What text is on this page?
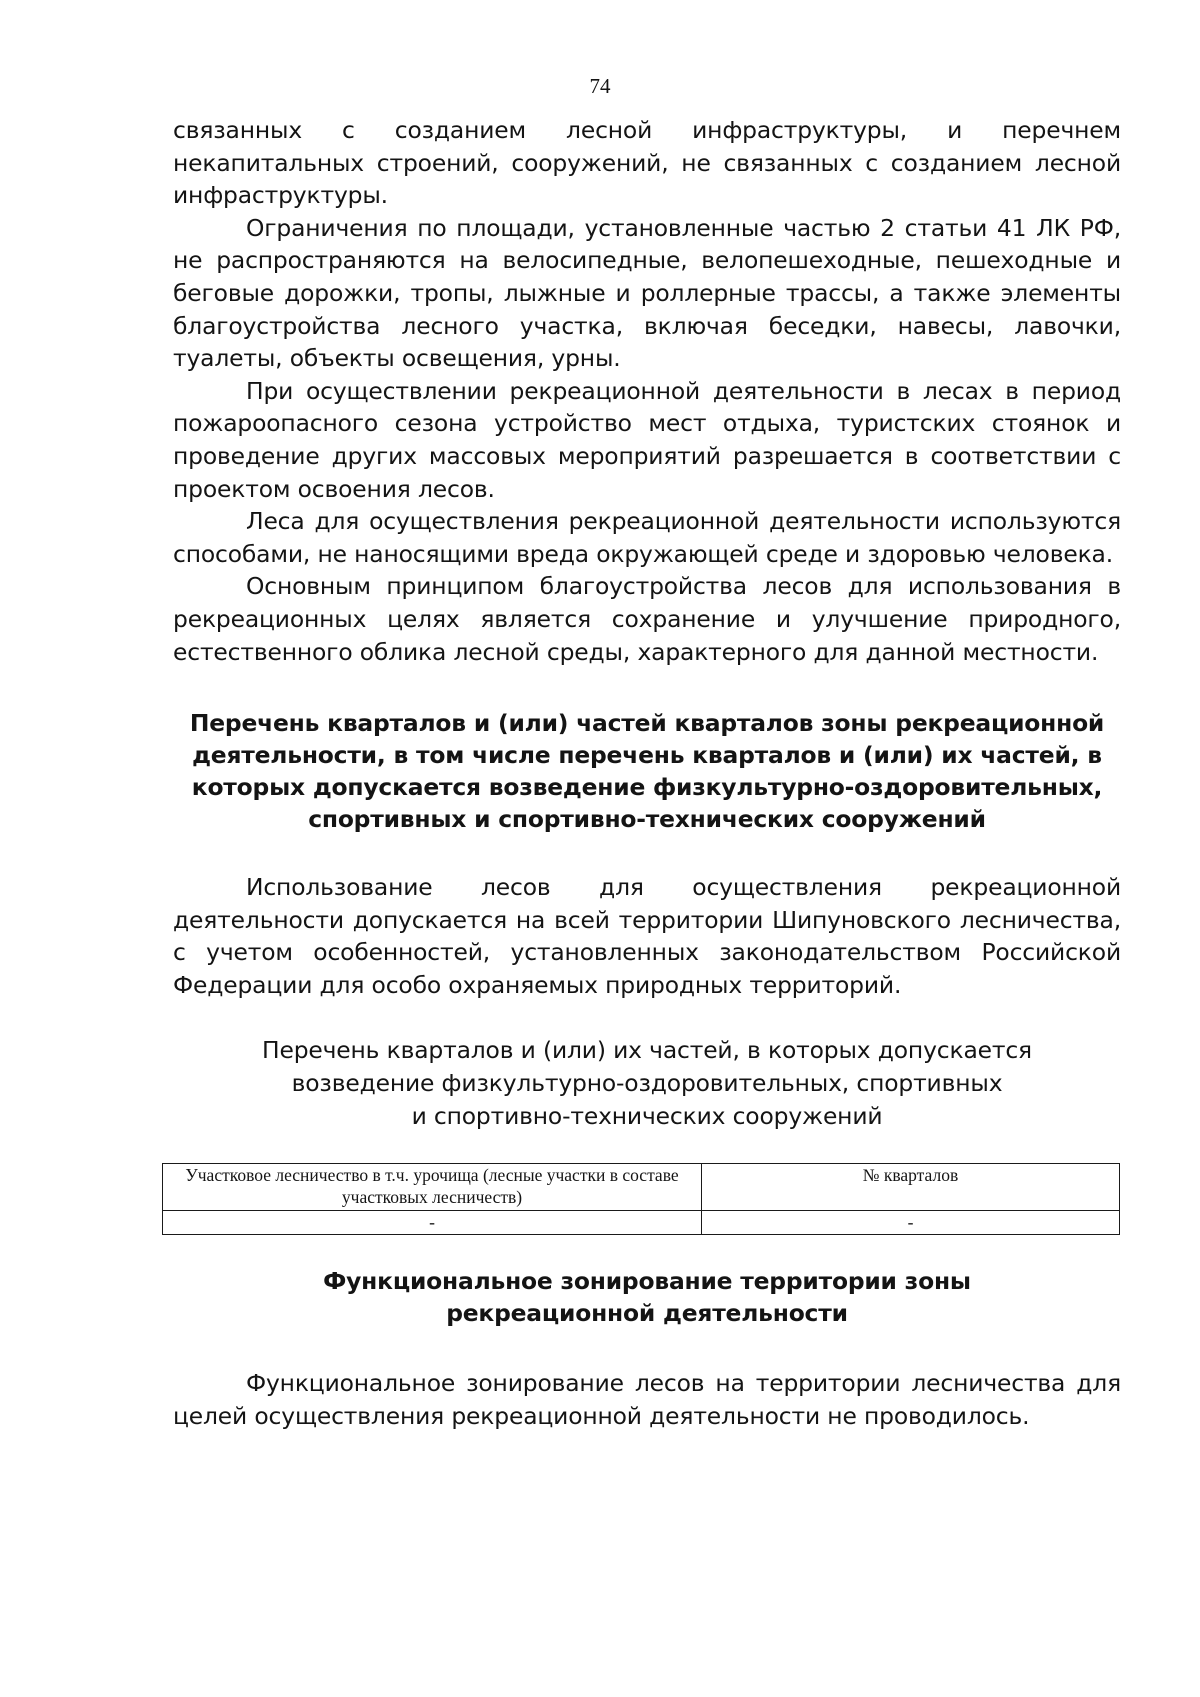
74

связанных с созданием лесной инфраструктуры, и перечнем некапитальных строений, сооружений, не связанных с созданием лесной инфраструктуры.

Ограничения по площади, установленные частью 2 статьи 41 ЛК РФ, не распространяются на велосипедные, велопешеходные, пешеходные и беговые дорожки, тропы, лыжные и роллерные трассы, а также элементы благоустройства лесного участка, включая беседки, навесы, лавочки, туалеты, объекты освещения, урны.

При осуществлении рекреационной деятельности в лесах в период пожароопасного сезона устройство мест отдыха, туристских стоянок и проведение других массовых мероприятий разрешается в соответствии с проектом освоения лесов.

Леса для осуществления рекреационной деятельности используются способами, не наносящими вреда окружающей среде и здоровью человека.

Основным принципом благоустройства лесов для использования в рекреационных целях является сохранение и улучшение природного, естественного облика лесной среды, характерного для данной местности.

Перечень кварталов и (или) частей кварталов зоны рекреационной

деятельности, в том числе перечень кварталов и (или) их частей, в

которых допускается возведение физкультурно-оздоровительных,

спортивных и спортивно-технических сооружений

Использование лесов для осуществления рекреационной деятельности допускается на всей территории Шипуновского лесничества, с учетом особенностей, установленных законодательством Российской Федерации для особо охраняемых природных территорий.

Перечень кварталов и (или) их частей, в которых допускается

возведение физкультурно-оздоровительных, спортивных

и спортивно-технических сооружений

Участковое лесничество в т.ч. урочища (лесные участки в составе участковых лесничеств)	№ кварталов
-	-

Функциональное зонирование территории зоны

рекреационной деятельности

Функциональное зонирование лесов на территории лесничества для целей осуществления рекреационной деятельности не проводилось.
